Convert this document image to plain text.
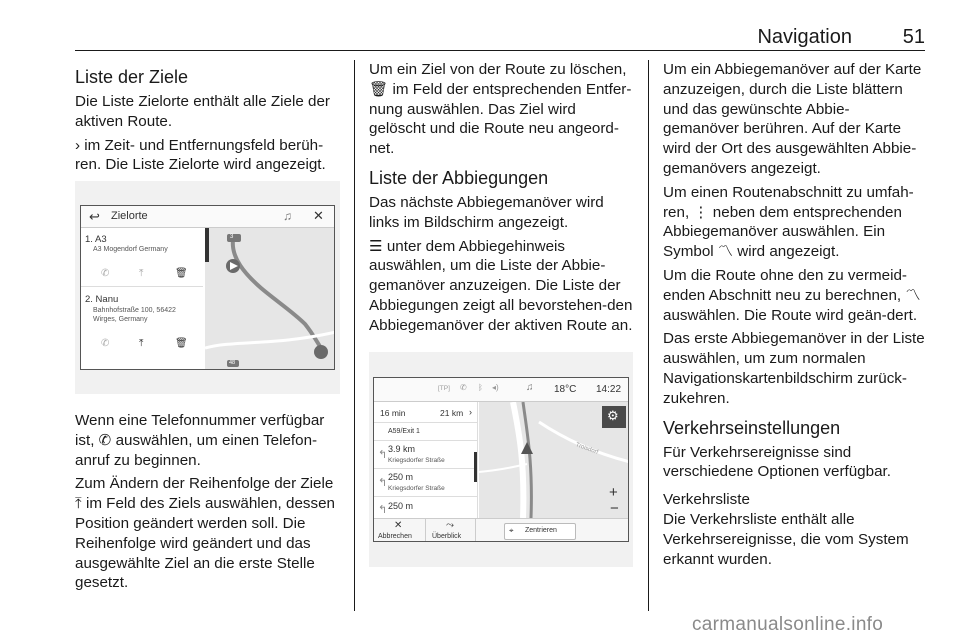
Navigation	51
Liste der Ziele

Die Liste Zielorte enthält alle Ziele der aktiven Route.

› im Zeit- und Entfernungsfeld berüh-ren. Die Liste Zielorte wird angezeigt.

Wenn eine Telefonnummer verfügbar ist, ✆ auswählen, um einen Telefon-anruf zu beginnen.

Zum Ändern der Reihenfolge der Ziele ⤒ im Feld des Ziels auswählen, dessen Position geändert werden soll. Die Reihenfolge wird geändert und das ausgewählte Ziel an die erste Stelle gesetzt.

↩ Zielorte	♫ ✕
1. A3
A3 Mogendorf Germany
✆	⤒	🗑
2. Nanu
Bahnhofstraße 100, 56422
Wirges, Germany
✆	⤒	🗑
3
48

Um ein Ziel von der Route zu löschen, 🗑 im Feld der entsprechenden Entfer-nung auswählen. Das Ziel wird gelöscht und die Route neu angeord-net.

Liste der Abbiegungen

Das nächste Abbiegemanöver wird links im Bildschirm angezeigt.

☰ unter dem Abbiegehinweis auswählen, um die Liste der Abbie-gemanöver anzuzeigen. Die Liste der Abbiegungen zeigt all bevorstehen-den Abbiegemanöver der aktiven Route an.

[TP] ✆ ᛒ ◂)	♫ 18°C 14:22
16 min	21 km ›
A59/Exit 1
↰ 3.9 km
Kriegsdorfer Straße
↰ 250 m
Kriegsdorfer Straße
↰ 250 m
⚙
Troisdorf
+
−
✕
Abbrechen
⤳
Überblick
⌖ Zentrieren

Um ein Abbiegemanöver auf der Karte anzuzeigen, durch die Liste blättern und das gewünschte Abbie-gemanöver berühren. Auf der Karte wird der Ort des ausgewählten Abbie-gemanövers angezeigt.

Um einen Routenabschnitt zu umfah-ren, ⋮ neben dem entsprechenden Abbiegemanöver auswählen. Ein Symbol 〽 wird angezeigt.

Um die Route ohne den zu vermeid-enden Abschnitt neu zu berechnen, 〽 auswählen. Die Route wird geän-dert.

Das erste Abbiegemanöver in der Liste auswählen, um zum normalen Navigationskartenbildschirm zurück-zukehren.

Verkehrseinstellungen

Für Verkehrsereignisse sind verschiedene Optionen verfügbar.

Verkehrsliste

Die Verkehrsliste enthält alle Verkehrsereignisse, die vom System erkannt wurden.

carmanualsonline.info
